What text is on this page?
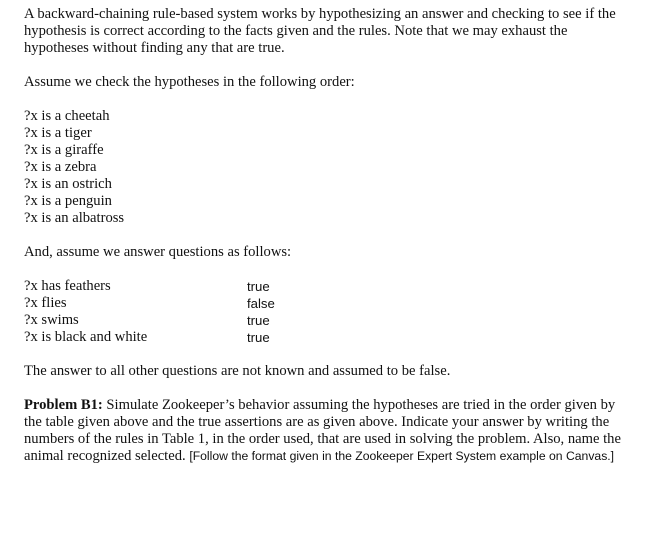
A backward-chaining rule-based system works by hypothesizing an answer and checking to see if the
hypothesis is correct according to the facts given and the rules. Note that we may exhaust the
hypotheses without finding any that are true.

Assume we check the hypotheses in the following order:

?x is a cheetah
?x is a tiger
?x is a giraffe
?x is a zebra
?x is an ostrich
?x is a penguin
?x is an albatross

And, assume we answer questions as follows:

?x has feathers	true
?x flies	false
?x swims	true
?x is black and white	true

The answer to all other questions are not known and assumed to be false.

Problem B1: Simulate Zookeeper’s behavior assuming the hypotheses are tried in the order given by
the table given above and the true assertions are as given above. Indicate your answer by writing the
numbers of the rules in Table 1, in the order used, that are used in solving the problem. Also, name the
animal recognized selected. [Follow the format given in the Zookeeper Expert System example on Canvas.]
